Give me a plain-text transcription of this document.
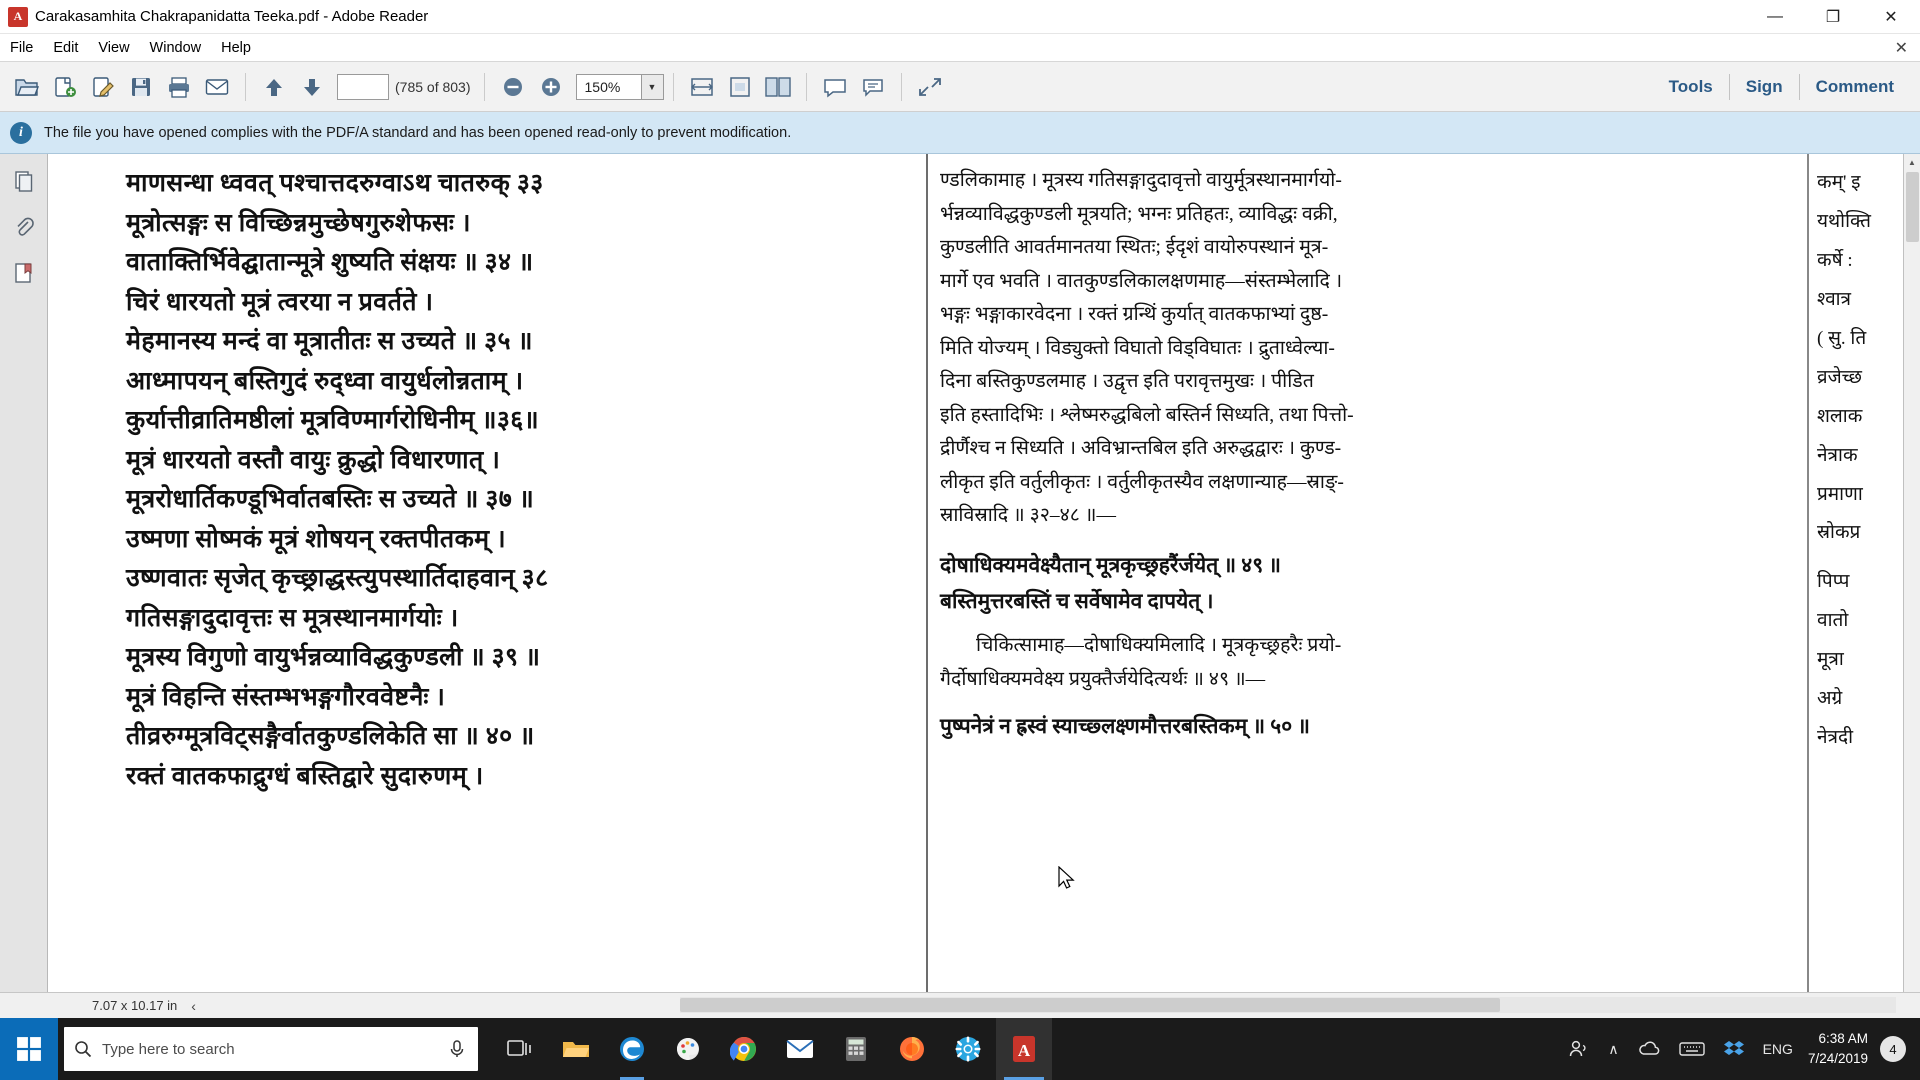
A Carakasamhita Chakrapanidatta Teeka.pdf - Adobe Reader	—	❐	✕
File	Edit	View	Window	Help	✕
(785 of 803)	150%	▼	Tools	Sign	Comment
i	The file you have opened complies with the PDF/A standard and has been opened read-only to prevent modification.
माणसन्धा ध्ववत् पश्चात्तदरुग्वाऽथ चातरुक् ३३
मूत्रोत्सङ्गः स विच्छिन्नमुच्छेषगुरुशेफसः ।
वाताक्तिर्भिवेद्घातान्मूत्रे शुष्यति संक्षयः ॥ ३४ ॥
चिरं धारयतो मूत्रं त्वरया न प्रवर्तते ।
मेहमानस्य मन्दं वा मूत्रातीतः स उच्यते ॥ ३५ ॥
आध्मापयन् बस्तिगुदं रुद्ध्वा वायुर्धलोन्नताम् ।
कुर्यात्तीव्रातिमष्ठीलां मूत्रविण्मार्गरोधिनीम् ॥३६॥
मूत्रं धारयतो वस्तौ वायुः क्रुद्धो विधारणात् ।
मूत्ररोधार्तिकण्डूभिर्वातबस्तिः स उच्यते ॥ ३७ ॥
उष्मणा सोष्मकं मूत्रं शोषयन् रक्तपीतकम् ।
उष्णवातः सृजेत् कृच्छ्राद्धस्त्युपस्थार्तिदाहवान् ३८
गतिसङ्गादुदावृत्तः स मूत्रस्थानमार्गयोः ।
मूत्रस्य विगुणो वायुर्भन्नव्याविद्धकुण्डली ॥ ३९ ॥
मूत्रं विहन्ति संस्तम्भभङ्गगौरववेष्टनैः ।
तीव्ररुग्मूत्रविट्सङ्गैर्वातकुण्डलिकेति सा ॥ ४० ॥
रक्तं वातकफाद्रुग्धं बस्तिद्वारे सुदारुणम् ।
ण्डलिकामाह । मूत्रस्य गतिसङ्गादुदावृत्तो वायुर्मूत्रस्थानमार्गयो-
र्भन्नव्याविद्धकुण्डली मूत्रयति; भग्नः प्रतिहतः, व्याविद्धः वक्री,
कुण्डलीति आवर्तमानतया स्थितः; ईदृशं वायोरुपस्थानं मूत्र-
मार्गे एव भवति । वातकुण्डलिकालक्षणमाह—संस्तम्भेलादि ।
भङ्गः भङ्गाकारवेदना । रक्तं ग्रन्थिं कुर्यात् वातकफाभ्यां दुष्ठ-
मिति योज्यम् । विड्युक्तो विघातो विड्विघातः । द्रुताध्वेल्या-
दिना बस्तिकुण्डलमाह । उद्वृत्त इति परावृत्तमुखः । पीडित
इति हस्तादिभिः । श्लेष्मरुद्धबिलो बस्तिर्न सिध्यति, तथा पित्तो-
द्रीर्णैश्च न सिध्यति । अविभ्रान्तबिल इति अरुद्धद्वारः । कुण्ड-
लीकृत इति वर्तुलीकृतः । वर्तुलीकृतस्यैव लक्षणान्याह—स्राङ्-
स्राविस्रादि ॥ ३२–४८ ॥—
दोषाधिक्यमवेक्ष्यैतान् मूत्रकृच्छ्रहरैंर्जयेत् ॥ ४९ ॥
बस्तिमुत्तरबस्तिं च सर्वेषामेव दापयेत् ।
चिकित्सामाह—दोषाधिक्यमिलादि । मूत्रकृच्छ्रहरैः प्रयो-
गैर्दोषाधिक्यमवेक्ष्य प्रयुक्तैर्जयेदित्यर्थः ॥ ४९ ॥—
पुष्पनेत्रं न ह्रस्वं स्याच्छ्लक्ष्णमौत्तरबस्तिकम् ॥ ५० ॥
कम्' इ
यथोक्ति
कर्षे :
श्वात्र
( सु. ति
व्रजेच्छ
शलाक
नेत्राक
प्रमाणा
स्रोकप्र
पिप्प
वातो
मूत्रा
अग्रे
नेत्रदी
▲
7.07 x 10.17 in ‹
Type here to search	A	∧	ENG
6:38 AM
7/24/2019
4
